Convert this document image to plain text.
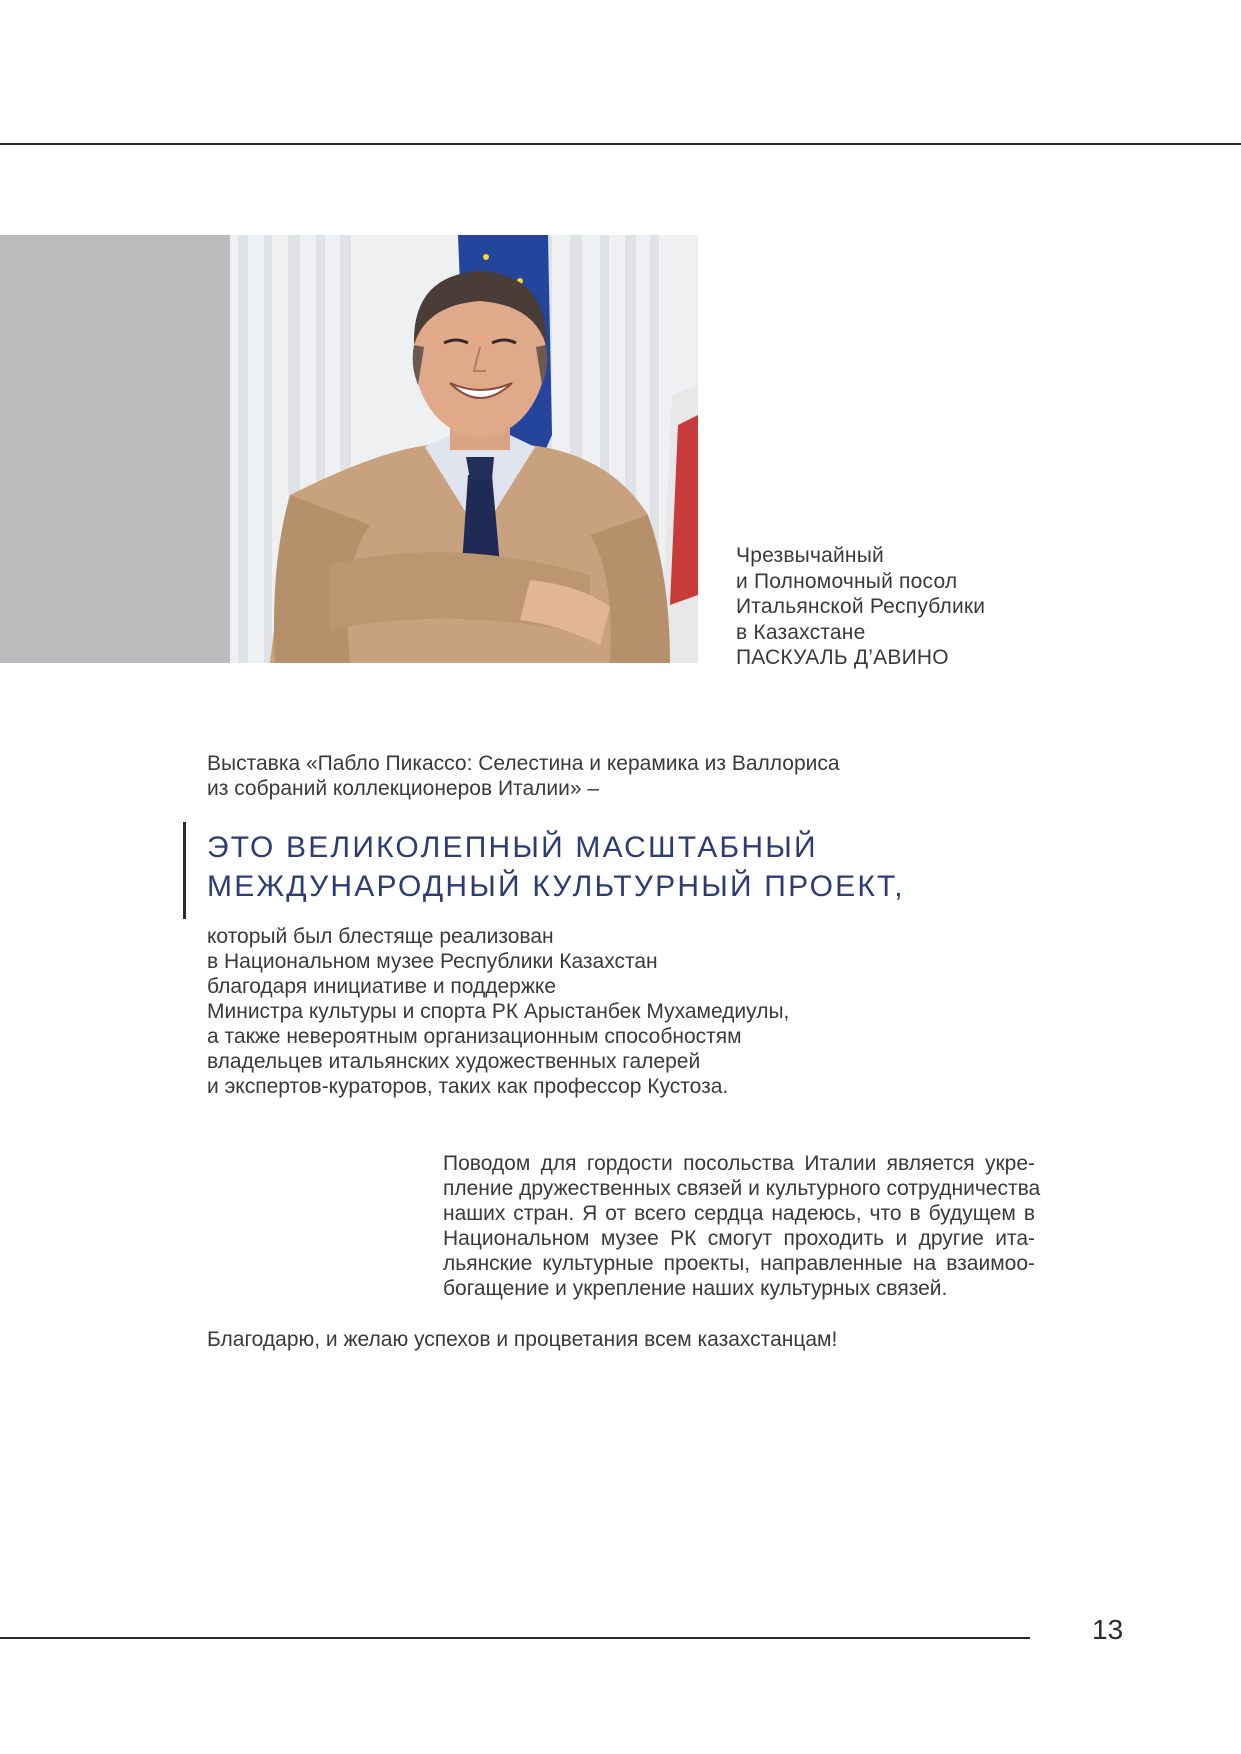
Чрезвычайный
и Полномочный посол
Итальянской Республики
в Казахстане
ПАСКУАЛЬ Д’АВИНО
Выставка «Пабло Пикассо: Селестина и керамика из Валлориса
из собраний коллекционеров Италии» –
ЭТО ВЕЛИКОЛЕПНЫЙ МАСШТАБНЫЙ
МЕЖДУНАРОДНЫЙ КУЛЬТУРНЫЙ ПРОЕКТ,
который был блестяще реализован
в Национальном музее Республики Казахстан
благодаря инициативе и поддержке
Министра культуры и спорта РК Арыстанбек Мухамедиулы,
а также невероятным организационным способностям
владельцев итальянских художественных галерей
и экспертов-кураторов, таких как профессор Кустоза.
Поводом для гордости посольства Италии является укре-
пление дружественных связей и культурного сотрудничества
наших стран. Я от всего сердца надеюсь, что в будущем в
Национальном музее РК смогут проходить и другие ита-
льянские культурные проекты, направленные на взаимоо-
богащение и укрепление наших культурных связей.
Благодарю, и желаю успехов и процветания всем казахстанцам!
13
